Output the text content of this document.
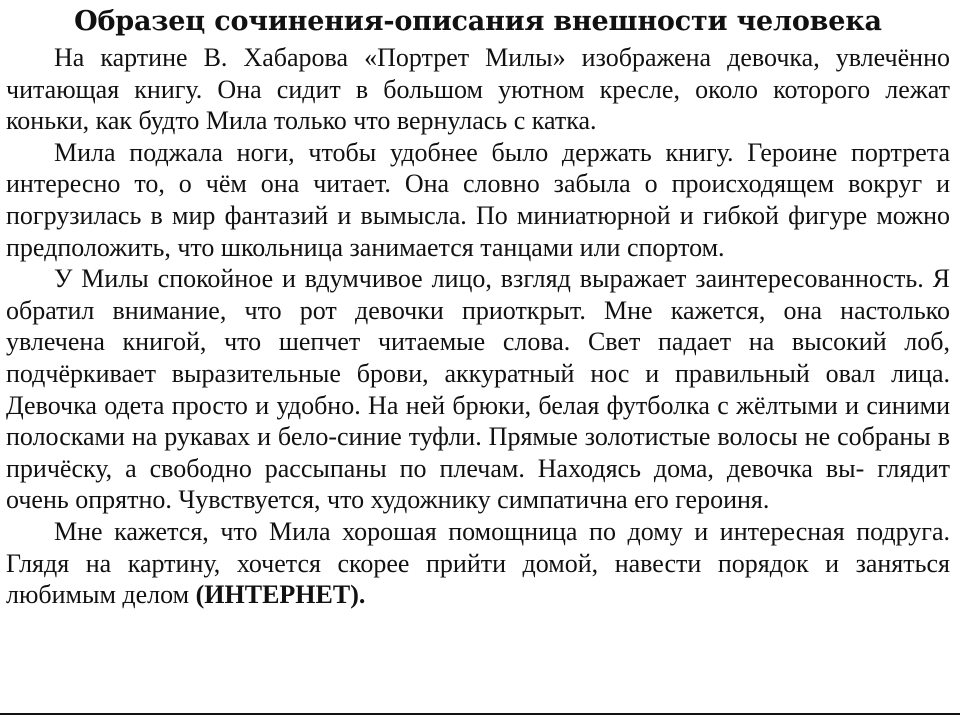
Образец сочинения-описания внешности человека

На картине В. Хабарова «Портрет Милы» изображена девочка, увлечённо читающая книгу. Она сидит в большом уютном кресле, около которого лежат коньки, как будто Мила только что вернулась с катка.

Мила поджала ноги, чтобы удобнее было держать книгу. Героине портрета интересно то, о чём она читает. Она словно забыла о происходящем вокруг и погрузилась в мир фантазий и вымысла. По миниатюрной и гибкой фигуре можно предположить, что школьница занимается танцами или спортом.

У Милы спокойное и вдумчивое лицо, взгляд выражает заинтересованность. Я обратил внимание, что рот девочки приоткрыт. Мне кажется, она настолько увлечена книгой, что шепчет читаемые слова. Свет падает на высокий лоб, подчёркивает выразительные брови, аккуратный нос и правильный овал лица. Девочка одета просто и удобно. На ней брюки, белая футболка с жёлтыми и синими полосками на рукавах и бело-синие туфли. Прямые золотистые волосы не собраны в причёску, а свободно рассыпаны по плечам. Находясь дома, девочка вы- глядит очень опрятно. Чувствуется, что художнику симпатична его героиня.

Мне кажется, что Мила хорошая помощница по дому и интересная подруга. Глядя на картину, хочется скорее прийти домой, навести порядок и заняться любимым делом (ИНТЕРНЕТ).
